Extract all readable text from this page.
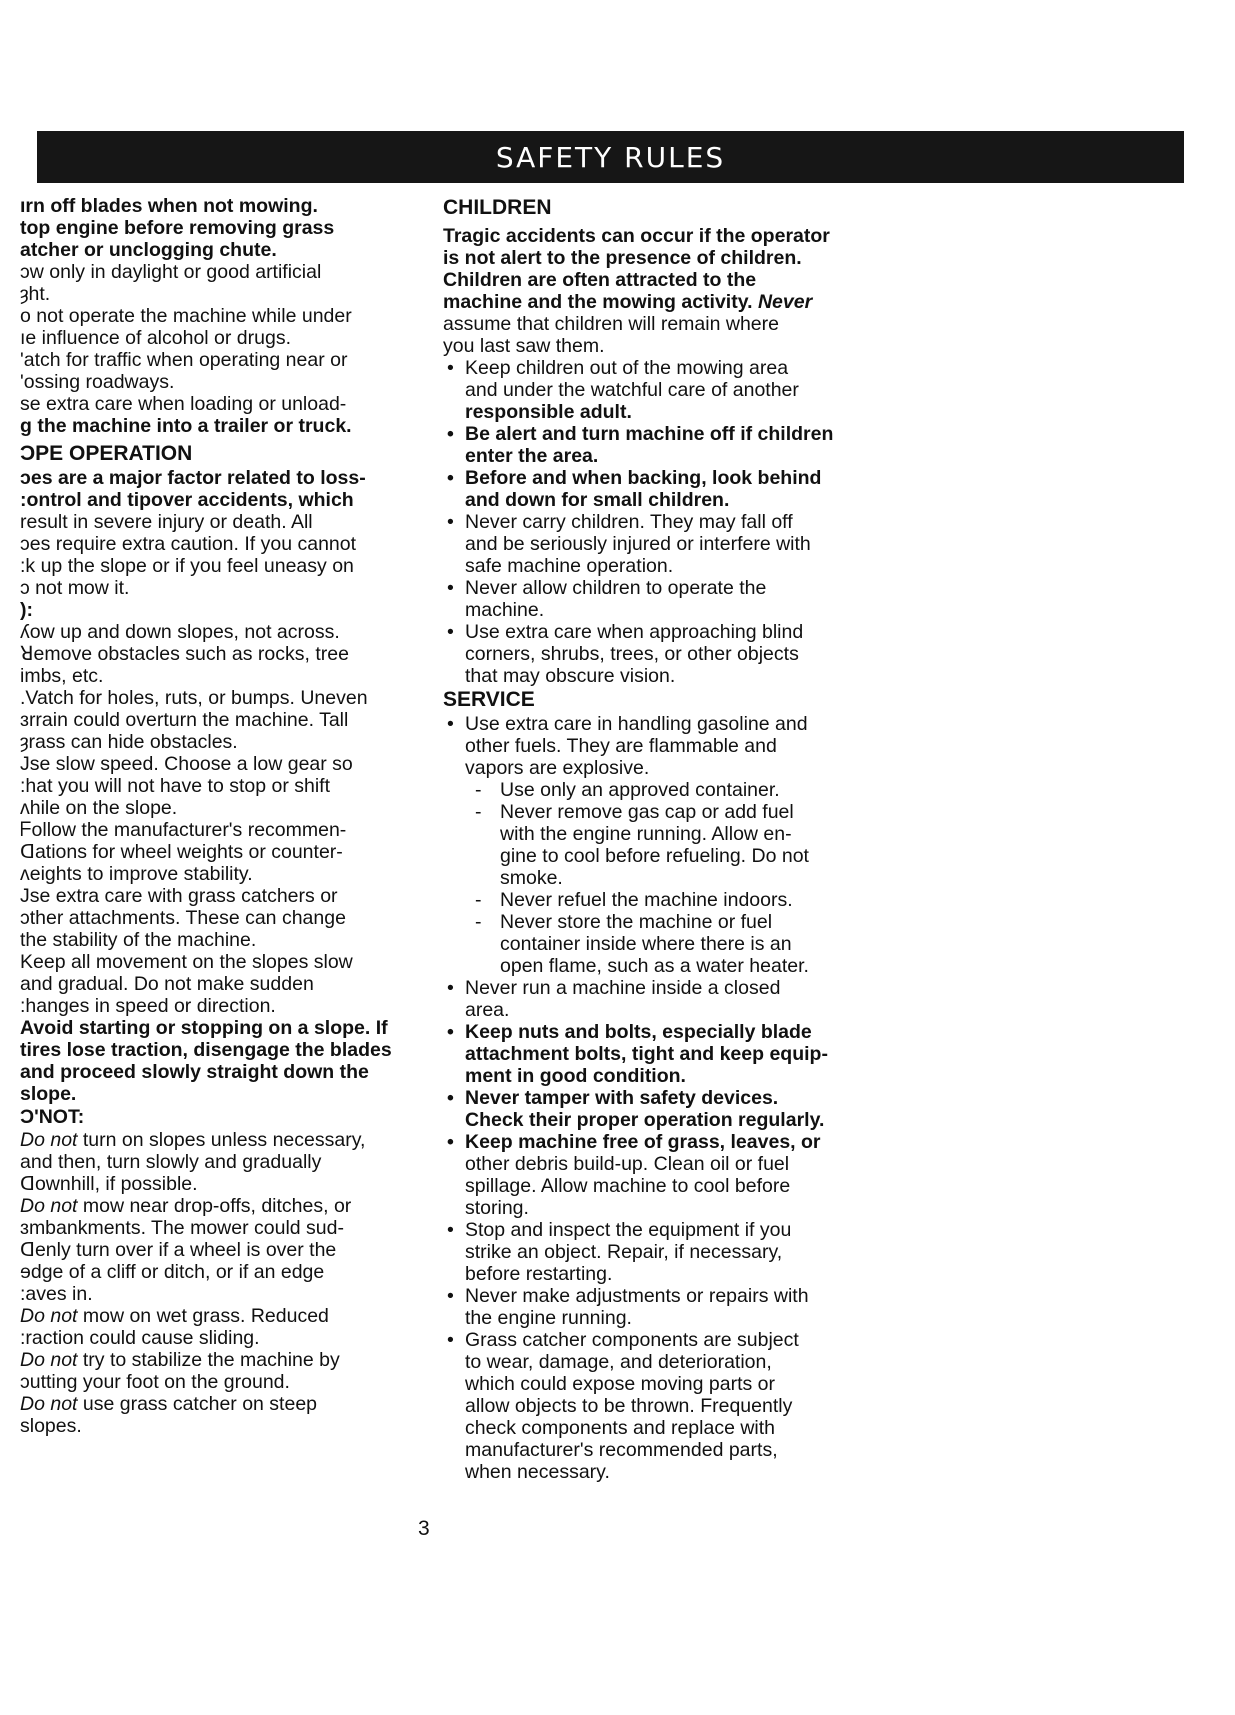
SAFETY RULES
ırn off blades when not mowing.
top engine before removing grass
atcher or unclogging chute.
ɔw only in daylight or good artificial
ȝht.
o not operate the machine while under
ıe influence of alcohol or drugs.
'atch for traffic when operating near or
'ossing roadways.
se extra care when loading or unload-
g the machine into a trailer or truck.
ƆPE OPERATION
ɔes are a major factor related to loss-
:ontrol and tipover accidents, which
result in severe injury or death. All
ɔes require extra caution. If you cannot
:k up the slope or if you feel uneasy on
ɔ not mow it.
):
ʎow up and down slopes, not across.
ꓤemove obstacles such as rocks, tree
imbs, etc.
.Vatch for holes, ruts, or bumps. Uneven
ɜrrain could overturn the machine. Tall
ȝrass can hide obstacles.
Jse slow speed. Choose a low gear so
:hat you will not have to stop or shift
ʌhile on the slope.
ᖴollow the manufacturer's recommen-
ꓷations for wheel weights or counter-
ʌeights to improve stability.
Jse extra care with grass catchers or
ɔther attachments. These can change
the stability of the machine.
Keep all movement on the slopes slow
and gradual. Do not make sudden
:hanges in speed or direction.
Avoid starting or stopping on a slope. If
tires lose traction, disengage the blades
and proceed slowly straight down the
slope.
Ɔ'NOT:
Do not turn on slopes unless necessary,
and then, turn slowly and gradually
ꓷownhill, if possible.
Do not mow near drop-offs, ditches, or
ɜmbankments. The mower could sud-
ꓷenly turn over if a wheel is over the
ɘdge of a cliff or ditch, or if an edge
:aves in.
Do not mow on wet grass. Reduced
:raction could cause sliding.
Do not try to stabilize the machine by
ɔutting your foot on the ground.
Do not use grass catcher on steep
slopes.
CHILDREN
Tragic accidents can occur if the operator
is not alert to the presence of children.
Children are often attracted to the
machine and the mowing activity. Never
assume that children will remain where
you last saw them.
• Keep children out of the mowing area
and under the watchful care of another
responsible adult.
• Be alert and turn machine off if children
enter the area.
• Before and when backing, look behind
and down for small children.
• Never carry children. They may fall off
and be seriously injured or interfere with
safe machine operation.
• Never allow children to operate the
machine.
• Use extra care when approaching blind
corners, shrubs, trees, or other objects
that may obscure vision.
SERVICE
• Use extra care in handling gasoline and
other fuels. They are flammable and
vapors are explosive.
- Use only an approved container.
- Never remove gas cap or add fuel
with the engine running. Allow en-
gine to cool before refueling. Do not
smoke.
- Never refuel the machine indoors.
- Never store the machine or fuel
container inside where there is an
open flame, such as a water heater.
• Never run a machine inside a closed
area.
• Keep nuts and bolts, especially blade
attachment bolts, tight and keep equip-
ment in good condition.
• Never tamper with safety devices.
Check their proper operation regularly.
• Keep machine free of grass, leaves, or
other debris build-up. Clean oil or fuel
spillage. Allow machine to cool before
storing.
• Stop and inspect the equipment if you
strike an object. Repair, if necessary,
before restarting.
• Never make adjustments or repairs with
the engine running.
• Grass catcher components are subject
to wear, damage, and deterioration,
which could expose moving parts or
allow objects to be thrown. Frequently
check components and replace with
manufacturer's recommended parts,
when necessary.
3
